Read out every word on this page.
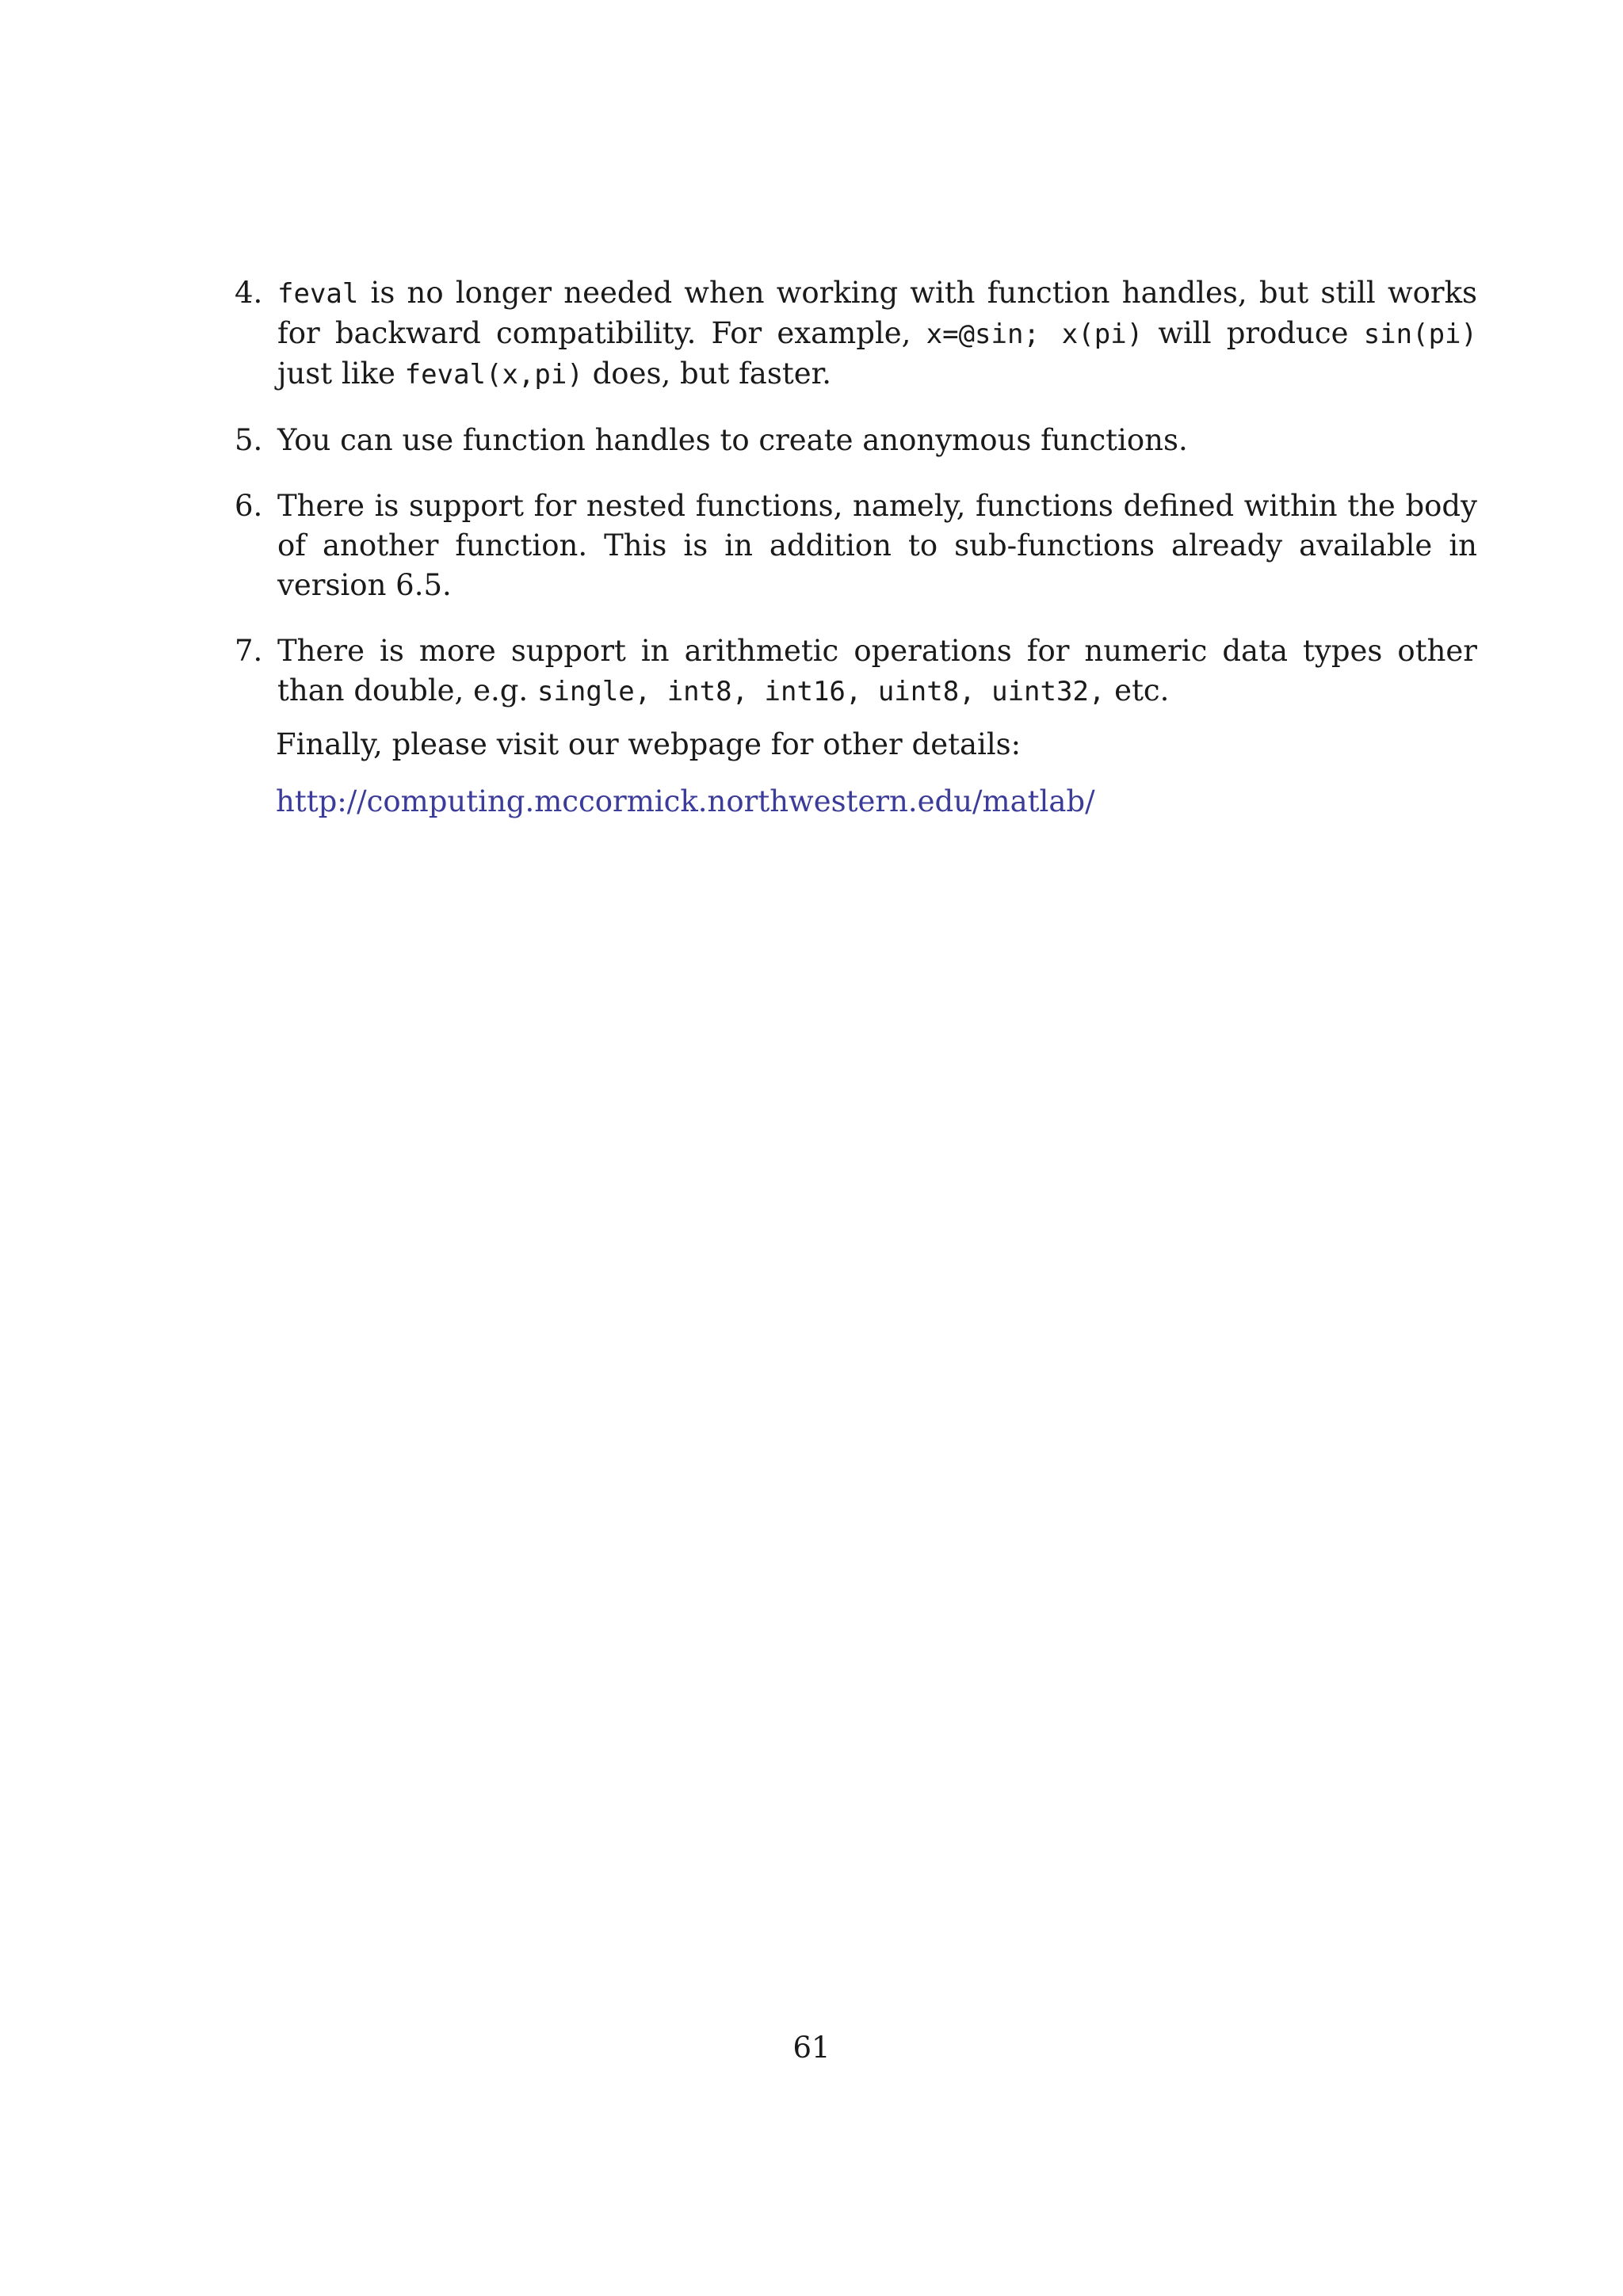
4. feval is no longer needed when working with function handles, but still works for backward compatibility. For example, x=@sin; x(pi) will produce sin(pi) just like feval(x,pi) does, but faster.
5. You can use function handles to create anonymous functions.
6. There is support for nested functions, namely, functions defined within the body of another function. This is in addition to sub-functions already available in version 6.5.
7. There is more support in arithmetic operations for numeric data types other than double, e.g. single, int8, int16, uint8, uint32, etc.
Finally, please visit our webpage for other details:
http://computing.mccormick.northwestern.edu/matlab/
61
